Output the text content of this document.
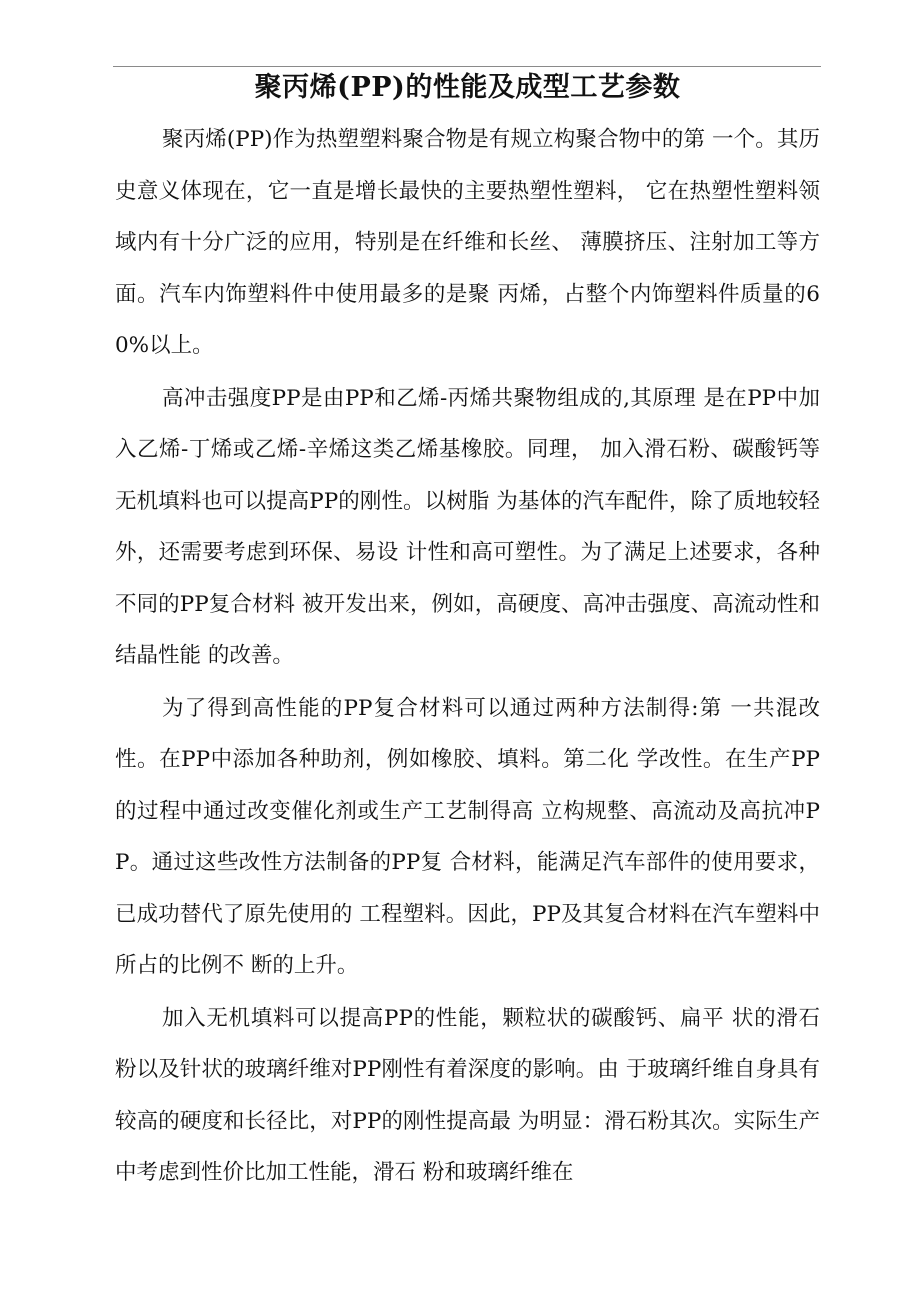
聚丙烯(PP)的性能及成型工艺参数

聚丙烯(PP)作为热塑塑料聚合物是有规立构聚合物中的第 一个。其历史意义体现在，它一直是增长最快的主要热塑性塑料， 它在热塑性塑料领域内有十分广泛的应用，特别是在纤维和长丝、 薄膜挤压、注射加工等方面。汽车内饰塑料件中使用最多的是聚 丙烯，占整个内饰塑料件质量的60%以上。

高冲击强度PP是由PP和乙烯-丙烯共聚物组成的,其原理 是在PP中加入乙烯-丁烯或乙烯-辛烯这类乙烯基橡胶。同理， 加入滑石粉、碳酸钙等无机填料也可以提高PP的刚性。以树脂 为基体的汽车配件，除了质地较轻外，还需要考虑到环保、易设 计性和高可塑性。为了满足上述要求，各种不同的PP复合材料 被开发出来，例如，高硬度、高冲击强度、高流动性和结晶性能 的改善。

为了得到高性能的PP复合材料可以通过两种方法制得:第 一共混改性。在PP中添加各种助剂，例如橡胶、填料。第二化 学改性。在生产PP的过程中通过改变催化剂或生产工艺制得高 立构规整、高流动及高抗冲PP。通过这些改性方法制备的PP复 合材料，能满足汽车部件的使用要求，已成功替代了原先使用的 工程塑料。因此，PP及其复合材料在汽车塑料中所占的比例不 断的上升。

加入无机填料可以提高PP的性能，颗粒状的碳酸钙、扁平 状的滑石粉以及针状的玻璃纤维对PP刚性有着深度的影响。由 于玻璃纤维自身具有较高的硬度和长径比，对PP的刚性提高最 为明显：滑石粉其次。实际生产中考虑到性价比加工性能，滑石 粉和玻璃纤维在
